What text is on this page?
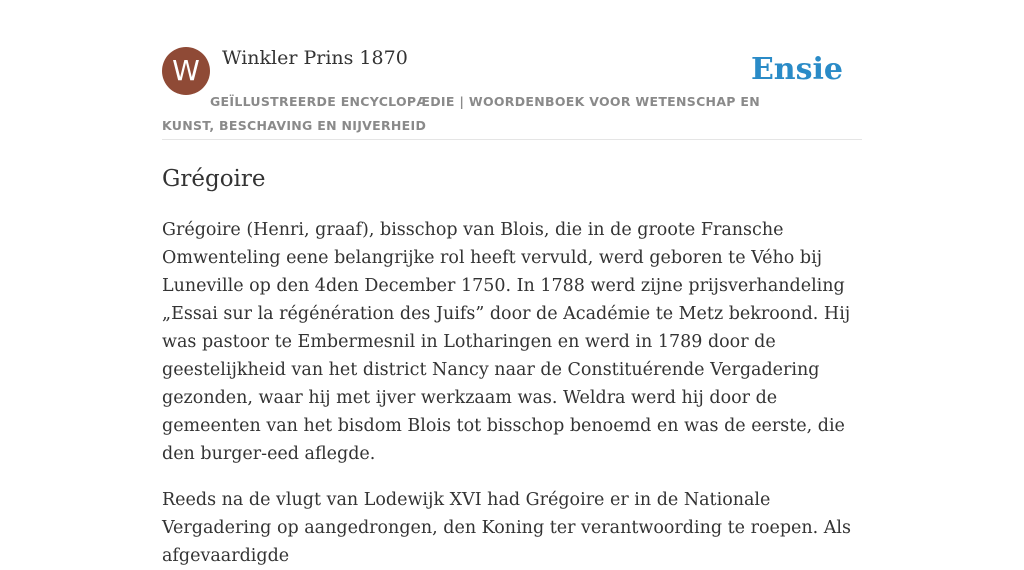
W	Winkler Prins 1870	Ensie
GEÏLLUSTREERDE ENCYCLOPÆDIE | WOORDENBOEK VOOR WETENSCHAP EN KUNST, BESCHAVING EN NIJVERHEID
Grégoire

Grégoire (Henri, graaf), bisschop van Blois, die in de groote Fransche Omwenteling eene belangrijke rol heeft vervuld, werd geboren te Vého bij Luneville op den 4den December 1750. In 1788 werd zijne prijsverhandeling „Essai sur la régénération des Juifs” door de Académie te Metz bekroond. Hij was pastoor te Embermesnil in Lotharingen en werd in 1789 door de geestelijkheid van het district Nancy naar de Constituérende Vergadering gezonden, waar hij met ijver werkzaam was. Weldra werd hij door de gemeenten van het bisdom Blois tot bisschop benoemd en was de eerste, die den burger-eed aflegde.

Reeds na de vlugt van Lodewijk XVI had Grégoire er in de Nationale Vergadering op aangedrongen, den Koning ter verantwoording te roepen. Als afgevaardigde
